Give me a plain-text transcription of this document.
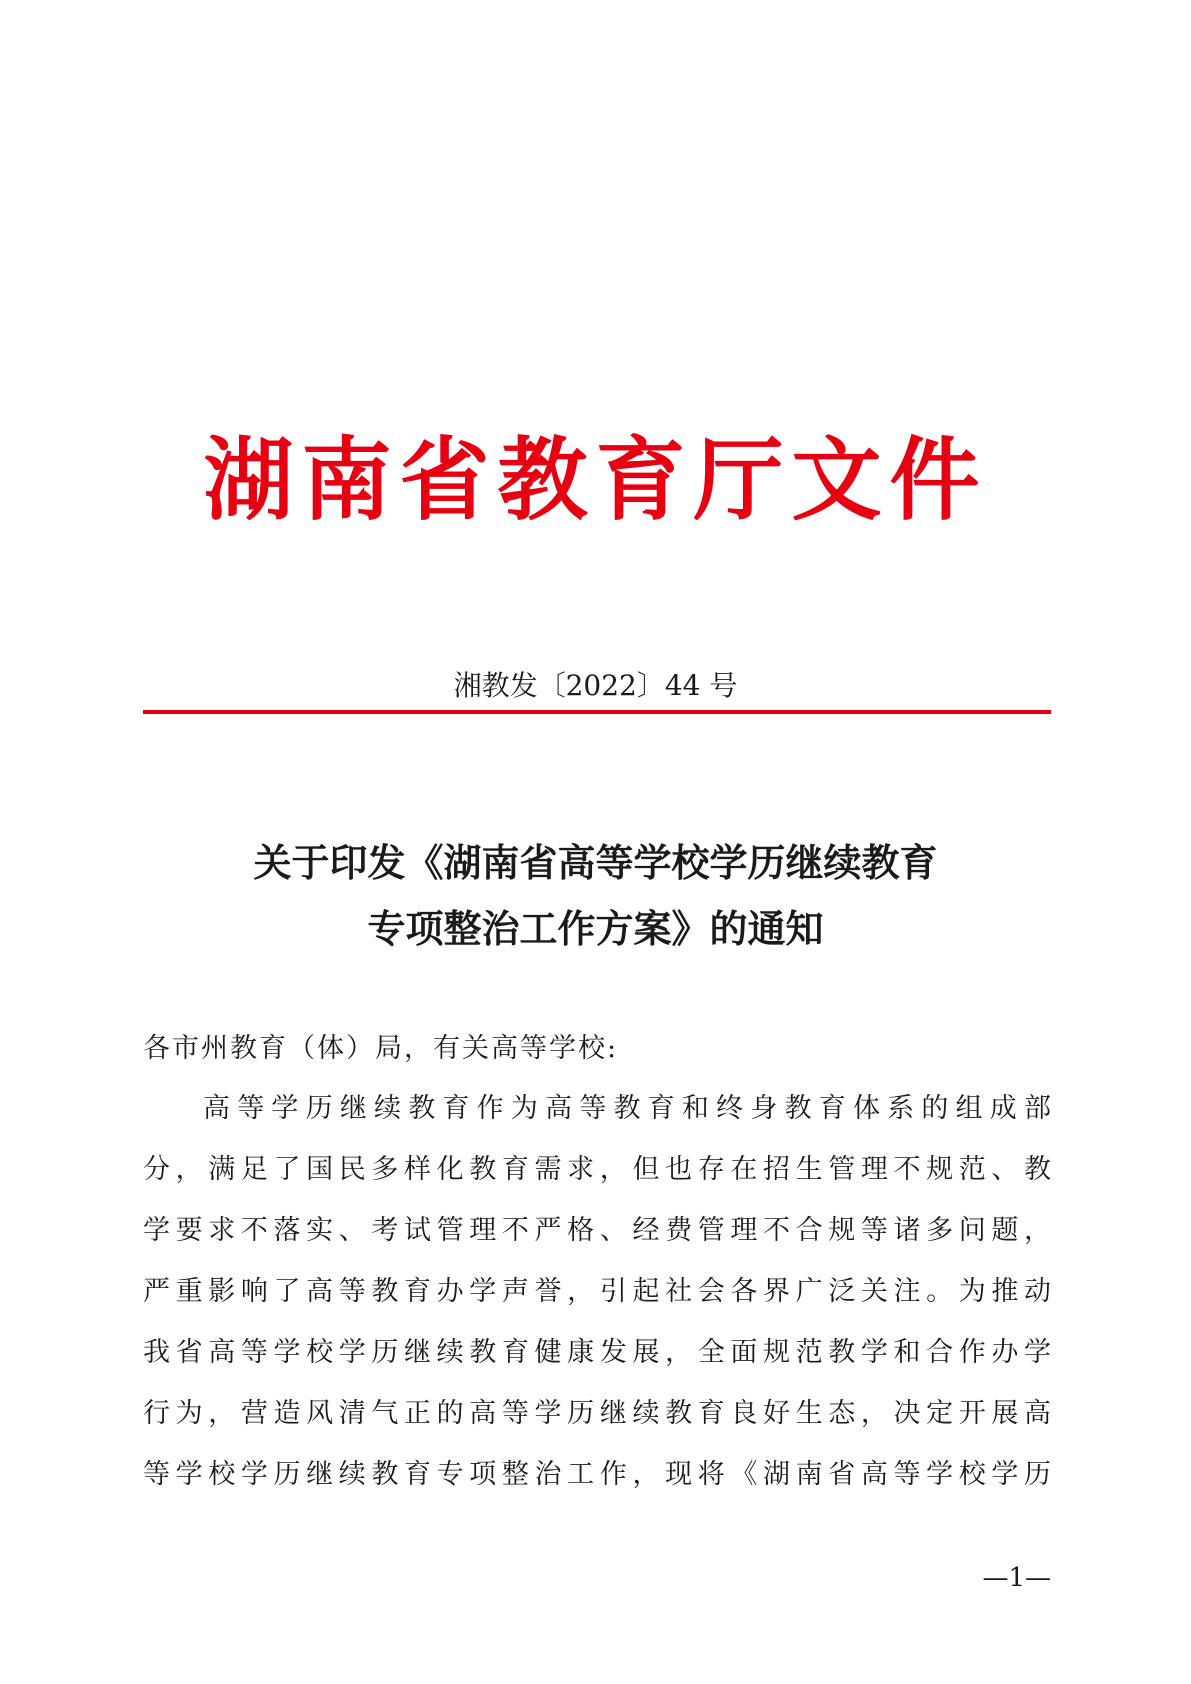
湖南省教育厅文件
湘教发〔2022〕44 号
关于印发《湖南省高等学校学历继续教育
专项整治工作方案》的通知
各市州教育（体）局，有关高等学校:
高等学历继续教育作为高等教育和终身教育体系的组成部
分，满足了国民多样化教育需求，但也存在招生管理不规范、教
学要求不落实、考试管理不严格、经费管理不合规等诸多问题，
严重影响了高等教育办学声誉，引起社会各界广泛关注。为推动
我省高等学校学历继续教育健康发展，全面规范教学和合作办学
行为，营造风清气正的高等学历继续教育良好生态，决定开展高
等学校学历继续教育专项整治工作，现将《湖南省高等学校学历
—1—
